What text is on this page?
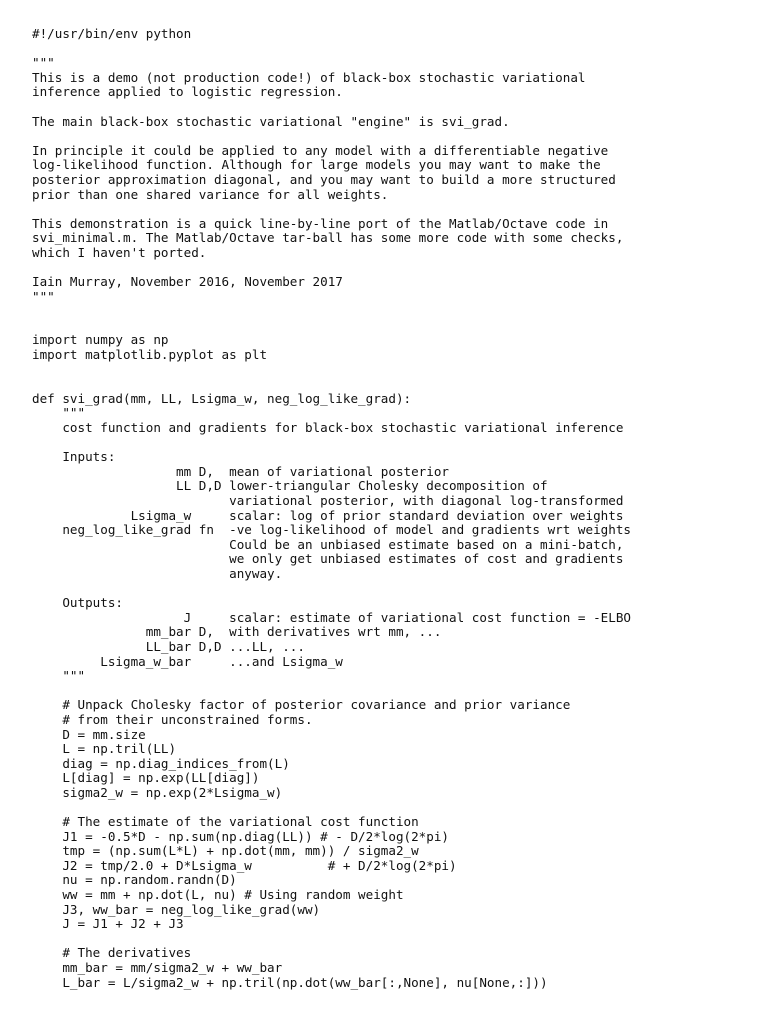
#!/usr/bin/env python
"""
This is a demo (not production code!) of black-box stochastic variational
inference applied to logistic regression.
The main black-box stochastic variational "engine" is svi_grad.
In principle it could be applied to any model with a differentiable negative
log-likelihood function. Although for large models you may want to make the
posterior approximation diagonal, and you may want to build a more structured
prior than one shared variance for all weights.
This demonstration is a quick line-by-line port of the Matlab/Octave code in
svi_minimal.m. The Matlab/Octave tar-ball has some more code with some checks,
which I haven't ported.
Iain Murray, November 2016, November 2017
"""
import numpy as np
import matplotlib.pyplot as plt
def svi_grad(mm, LL, Lsigma_w, neg_log_like_grad):
"""
cost function and gradients for black-box stochastic variational inference
Inputs:
mm D,  mean of variational posterior
LL D,D lower-triangular Cholesky decomposition of
variational posterior, with diagonal log-transformed
Lsigma_w     scalar: log of prior standard deviation over weights
neg_log_like_grad fn  -ve log-likelihood of model and gradients wrt weights
Could be an unbiased estimate based on a mini-batch,
we only get unbiased estimates of cost and gradients
anyway.
Outputs:
J     scalar: estimate of variational cost function = -ELBO
mm_bar D,  with derivatives wrt mm, ...
LL_bar D,D ...LL, ...
Lsigma_w_bar     ...and Lsigma_w
"""
# Unpack Cholesky factor of posterior covariance and prior variance
# from their unconstrained forms.
D = mm.size
L = np.tril(LL)
diag = np.diag_indices_from(L)
L[diag] = np.exp(LL[diag])
sigma2_w = np.exp(2*Lsigma_w)
# The estimate of the variational cost function
J1 = -0.5*D - np.sum(np.diag(LL)) # - D/2*log(2*pi)
tmp = (np.sum(L*L) + np.dot(mm, mm)) / sigma2_w
J2 = tmp/2.0 + D*Lsigma_w          # + D/2*log(2*pi)
nu = np.random.randn(D)
ww = mm + np.dot(L, nu) # Using random weight
J3, ww_bar = neg_log_like_grad(ww)
J = J1 + J2 + J3
# The derivatives
mm_bar = mm/sigma2_w + ww_bar
L_bar = L/sigma2_w + np.tril(np.dot(ww_bar[:,None], nu[None,:]))
